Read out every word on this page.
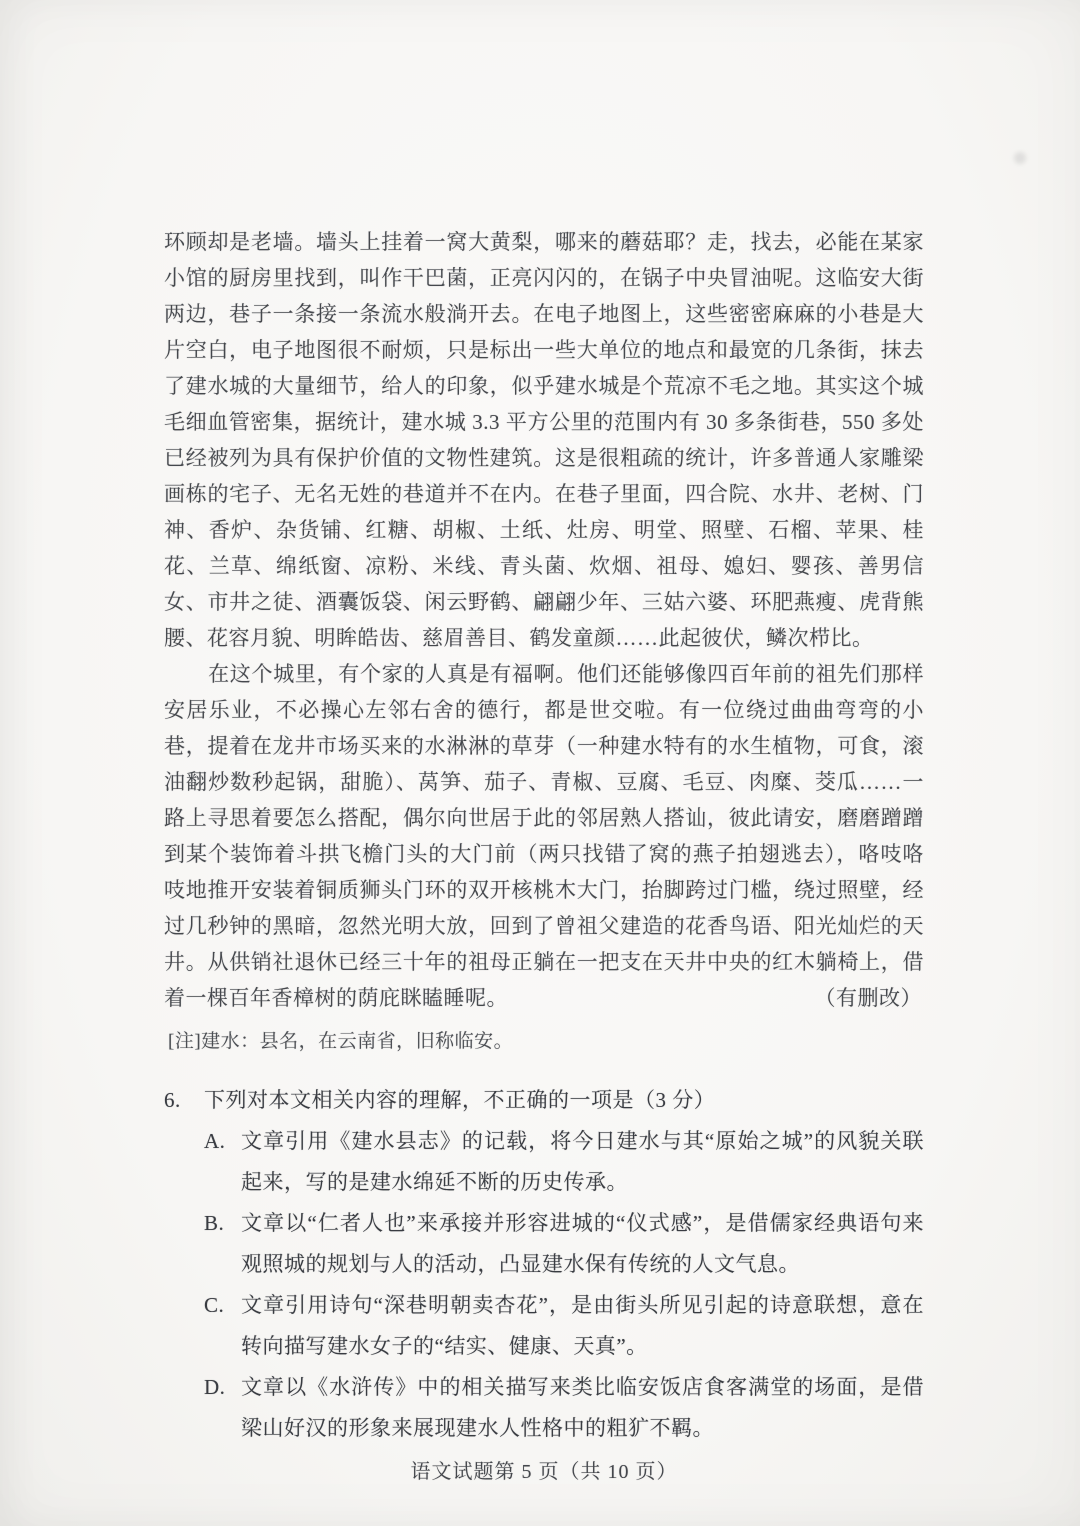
环顾却是老墙。墙头上挂着一窝大黄梨，哪来的蘑菇耶？走，找去，必能在某家小馆的厨房里找到，叫作干巴菌，正亮闪闪的，在锅子中央冒油呢。这临安大街两边，巷子一条接一条流水般淌开去。在电子地图上，这些密密麻麻的小巷是大片空白，电子地图很不耐烦，只是标出一些大单位的地点和最宽的几条街，抹去了建水城的大量细节，给人的印象，似乎建水城是个荒凉不毛之地。其实这个城毛细血管密集，据统计，建水城 3.3 平方公里的范围内有 30 多条街巷，550 多处已经被列为具有保护价值的文物性建筑。这是很粗疏的统计，许多普通人家雕梁画栋的宅子、无名无姓的巷道并不在内。在巷子里面，四合院、水井、老树、门神、香炉、杂货铺、红糖、胡椒、土纸、灶房、明堂、照壁、石榴、苹果、桂花、兰草、绵纸窗、凉粉、米线、青头菌、炊烟、祖母、媳妇、婴孩、善男信女、市井之徒、酒囊饭袋、闲云野鹤、翩翩少年、三姑六婆、环肥燕瘦、虎背熊腰、花容月貌、明眸皓齿、慈眉善目、鹤发童颜……此起彼伏，鳞次栉比。

在这个城里，有个家的人真是有福啊。他们还能够像四百年前的祖先们那样安居乐业，不必操心左邻右舍的德行，都是世交啦。有一位绕过曲曲弯弯的小巷，提着在龙井市场买来的水淋淋的草芽（一种建水特有的水生植物，可食，滚油翻炒数秒起锅，甜脆）、莴笋、茄子、青椒、豆腐、毛豆、肉糜、茭瓜……一路上寻思着要怎么搭配，偶尔向世居于此的邻居熟人搭讪，彼此请安，磨磨蹭蹭到某个装饰着斗拱飞檐门头的大门前（两只找错了窝的燕子拍翅逃去），咯吱咯吱地推开安装着铜质狮头门环的双开核桃木大门，抬脚跨过门槛，绕过照壁，经过几秒钟的黑暗，忽然光明大放，回到了曾祖父建造的花香鸟语、阳光灿烂的天井。从供销社退休已经三十年的祖母正躺在一把支在天井中央的红木躺椅上，借着一棵百年香樟树的荫庇眯瞌睡呢。	（有删改）

[注]建水：县名，在云南省，旧称临安。

6.	下列对本文相关内容的理解，不正确的一项是（3 分）
A. 文章引用《建水县志》的记载，将今日建水与其“原始之城”的风貌关联起来，写的是建水绵延不断的历史传承。
B. 文章以“仁者人也”来承接并形容进城的“仪式感”，是借儒家经典语句来观照城的规划与人的活动，凸显建水保有传统的人文气息。
C. 文章引用诗句“深巷明朝卖杏花”，是由街头所见引起的诗意联想，意在转向描写建水女子的“结实、健康、天真”。
D. 文章以《水浒传》中的相关描写来类比临安饭店食客满堂的场面，是借梁山好汉的形象来展现建水人性格中的粗犷不羁。
语文试题第 5 页（共 10 页）
